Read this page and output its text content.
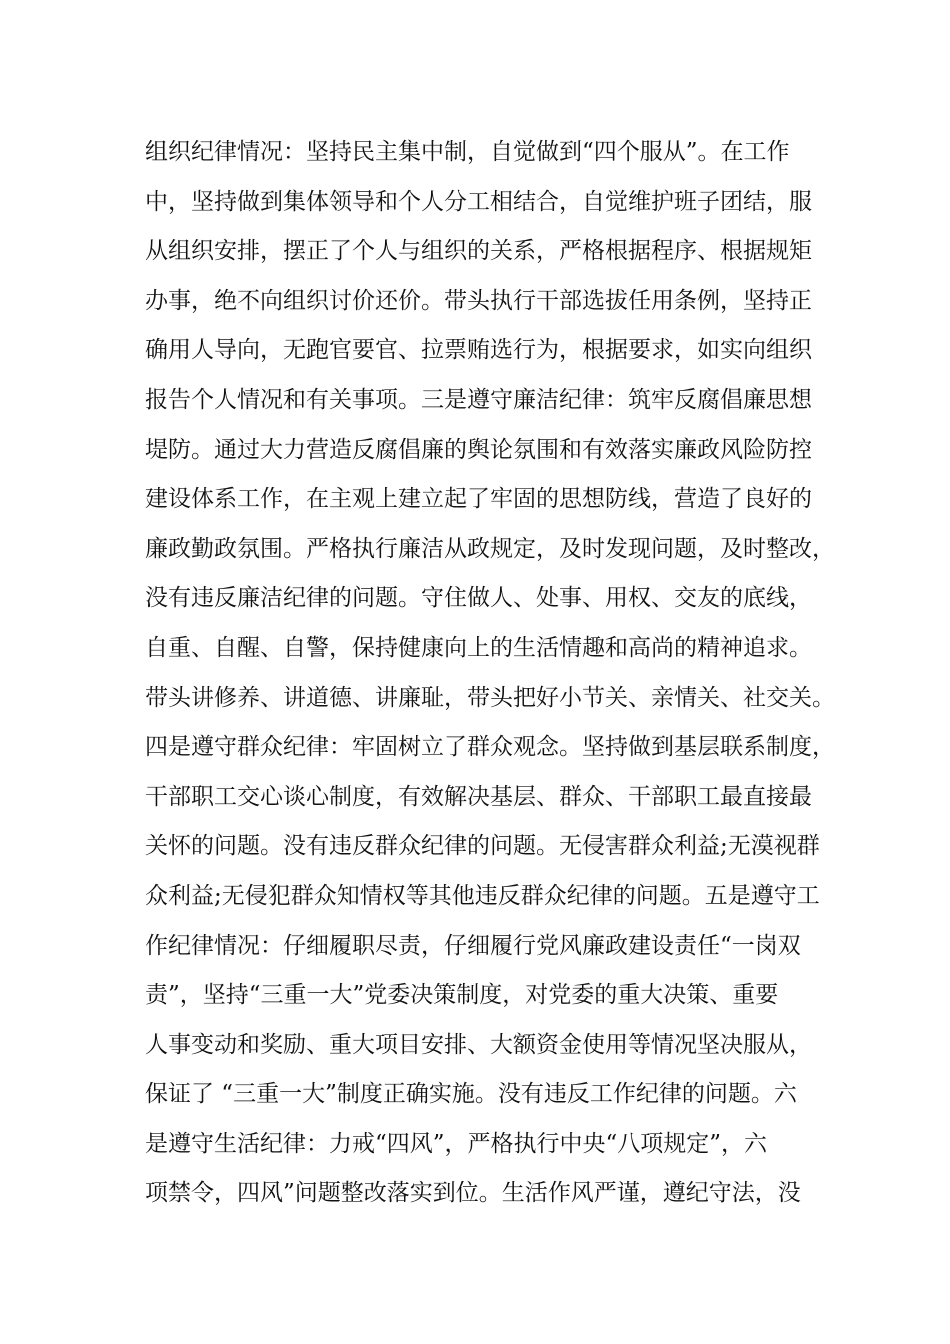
组织纪律情况：坚持民主集中制，自觉做到“四个服从”。在工作
中，坚持做到集体领导和个人分工相结合，自觉维护班子团结，服
从组织安排，摆正了个人与组织的关系，严格根据程序、根据规矩
办事，绝不向组织讨价还价。带头执行干部选拔任用条例，坚持正
确用人导向，无跑官要官、拉票贿选行为，根据要求，如实向组织
报告个人情况和有关事项。三是遵守廉洁纪律：筑牢反腐倡廉思想
堤防。通过大力营造反腐倡廉的舆论氛围和有效落实廉政风险防控
建设体系工作，在主观上建立起了牢固的思想防线，营造了良好的
廉政勤政氛围。严格执行廉洁从政规定，及时发现问题，及时整改，
没有违反廉洁纪律的问题。守住做人、处事、用权、交友的底线，
自重、自醒、自警，保持健康向上的生活情趣和高尚的精神追求。
带头讲修养、讲道德、讲廉耻，带头把好小节关、亲情关、社交关。
四是遵守群众纪律：牢固树立了群众观念。坚持做到基层联系制度，
干部职工交心谈心制度，有效解决基层、群众、干部职工最直接最
关怀的问题。没有违反群众纪律的问题。无侵害群众利益;无漠视群
众利益;无侵犯群众知情权等其他违反群众纪律的问题。五是遵守工
作纪律情况：仔细履职尽责，仔细履行党风廉政建设责任“一岗双
责”，坚持“三重一大”党委决策制度，对党委的重大决策、重要
人事变动和奖励、重大项目安排、大额资金使用等情况坚决服从，
保证了 “三重一大”制度正确实施。没有违反工作纪律的问题。六
是遵守生活纪律：力戒“四风”，严格执行中央“八项规定”，六
项禁令，四风”问题整改落实到位。生活作风严谨，遵纪守法，没
